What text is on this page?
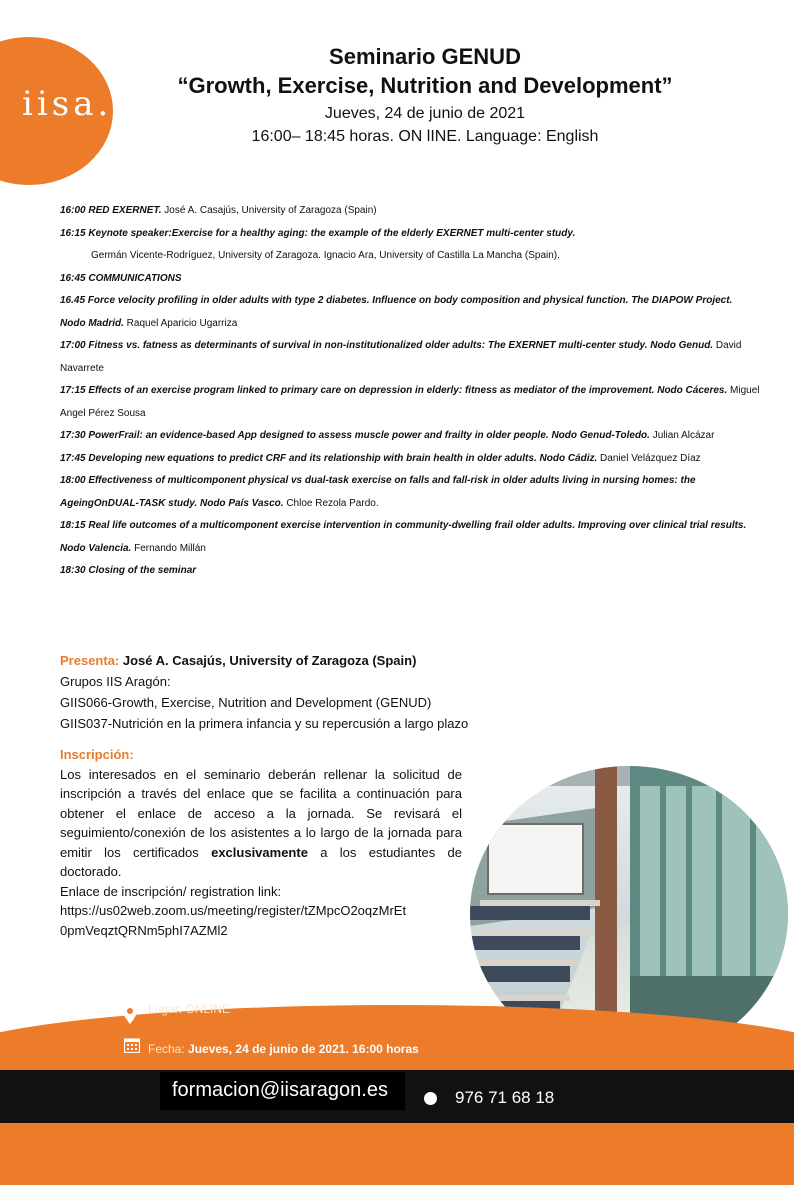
iisa.
Seminario GENUD
“Growth, Exercise, Nutrition and Development”
Jueves, 24 de junio de 2021
16:00– 18:45 horas. ON lINE. Language: English

16:00 RED EXERNET. José A. Casajús, University of Zaragoza (Spain)

16:15 Keynote speaker:Exercise for a healthy aging: the example of the elderly EXERNET multi-center study.

Germán Vicente-Rodríguez, University of Zaragoza. Ignacio Ara, University of Castilla La Mancha (Spain).

16:45 COMMUNICATIONS

16.45 Force velocity profiling in older adults with type 2 diabetes. Influence on body composition and physical function. The DIAPOW Project. Nodo Madrid. Raquel Aparicio Ugarriza

17:00 Fitness vs. fatness as determinants of survival in non-institutionalized older adults: The EXERNET multi-center study. Nodo Genud. David Navarrete

17:15 Effects of an exercise program linked to primary care on depression in elderly: fitness as mediator of the improvement. Nodo Cáceres. Miguel Angel Pérez Sousa

17:30 PowerFrail: an evidence-based App designed to assess muscle power and frailty in older people. Nodo Genud-Toledo. Julian Alcázar

17:45 Developing new equations to predict CRF and its relationship with brain health in older adults. Nodo Cádiz. Daniel Velázquez Díaz

18:00 Effectiveness of multicomponent physical vs dual-task exercise on falls and fall-risk in older adults living in nursing homes: the AgeingOnDUAL-TASK study. Nodo País Vasco. Chloe Rezola Pardo.

18:15 Real life outcomes of a multicomponent exercise intervention in community-dwelling frail older adults. Improving over clinical trial results. Nodo Valencia. Fernando Millán

18:30 Closing of the seminar

Presenta: José A. Casajús, University of Zaragoza (Spain)

Grupos IIS Aragón:

GIIS066-Growth, Exercise, Nutrition and Development (GENUD)

GIIS037-Nutrición en la primera infancia y su repercusión a largo plazo

Inscripción:

Los interesados en el seminario deberán rellenar la solicitud de inscripción a través del enlace que se facilita a continuación para obtener el enlace de acceso a la jornada. Se revisará el seguimiento/conexión de los asistentes a lo largo de la jornada para emitir los certificados exclusivamente a los estudiantes de doctorado.

Enlace de inscripción/ registration link:

https://us02web.zoom.us/meeting/register/tZMpcO2oqzMrEt

0pmVeqztQRNm5phI7AZMl2

Lugar: ONLINE
Fecha: Jueves, 24 de junio de 2021. 16:00 horas
formacion@iisaragon.es	976 71 68 18
